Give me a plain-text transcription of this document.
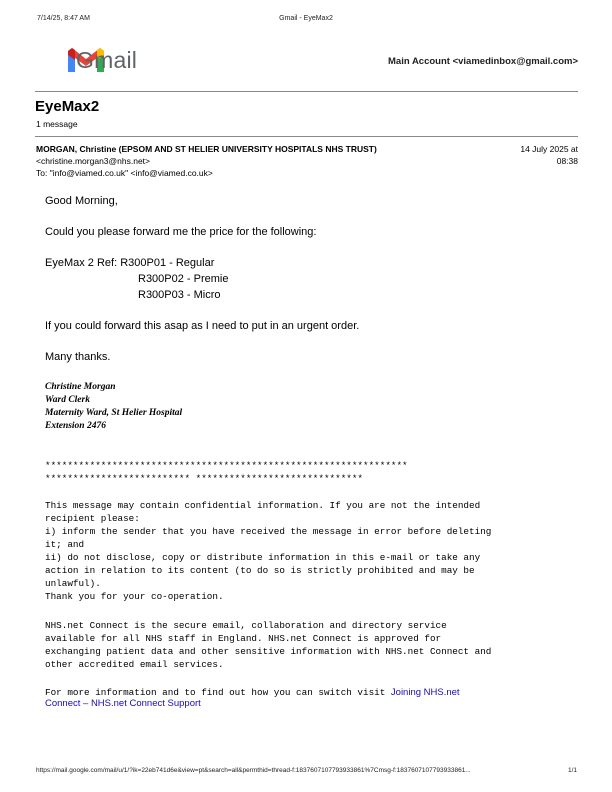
7/14/25, 8:47 AM	Gmail - EyeMax2
Gmail	Main Account <viamedinbox@gmail.com>
EyeMax2
1 message
MORGAN, Christine (EPSOM AND ST HELIER UNIVERSITY HOSPITALS NHS TRUST)
<christine.morgan3@nhs.net>
To: "info@viamed.co.uk" <info@viamed.co.uk>
14 July 2025 at
08:38
Good Morning,
Could you please forward me the price for the following:
EyeMax 2 Ref: R300P01 - Regular
R300P02 - Premie
R300P03 - Micro
If you could forward this asap as I need to put in an urgent order.
Many thanks.
Christine Morgan
Ward Clerk
Maternity Ward, St Helier Hospital
Extension 2476
*****************************************************************
************************** ******************************
This message may contain confidential information. If you are not the intended
recipient please:
i) inform the sender that you have received the message in error before deleting
it; and
ii) do not disclose, copy or distribute information in this e-mail or take any
action in relation to its content (to do so is strictly prohibited and may be
unlawful).
Thank you for your co-operation.
NHS.net Connect is the secure email, collaboration and directory service
available for all NHS staff in England. NHS.net Connect is approved for
exchanging patient data and other sensitive information with NHS.net Connect and
other accredited email services.
For more information and to find out how you can switch visit Joining NHS.net
Connect – NHS.net Connect Support
https://mail.google.com/mail/u/1/?ik=22eb741d6e&view=pt&search=all&permthid=thread-f:1837607107793933861%7Cmsg-f:1837607107793933861...	1/1
